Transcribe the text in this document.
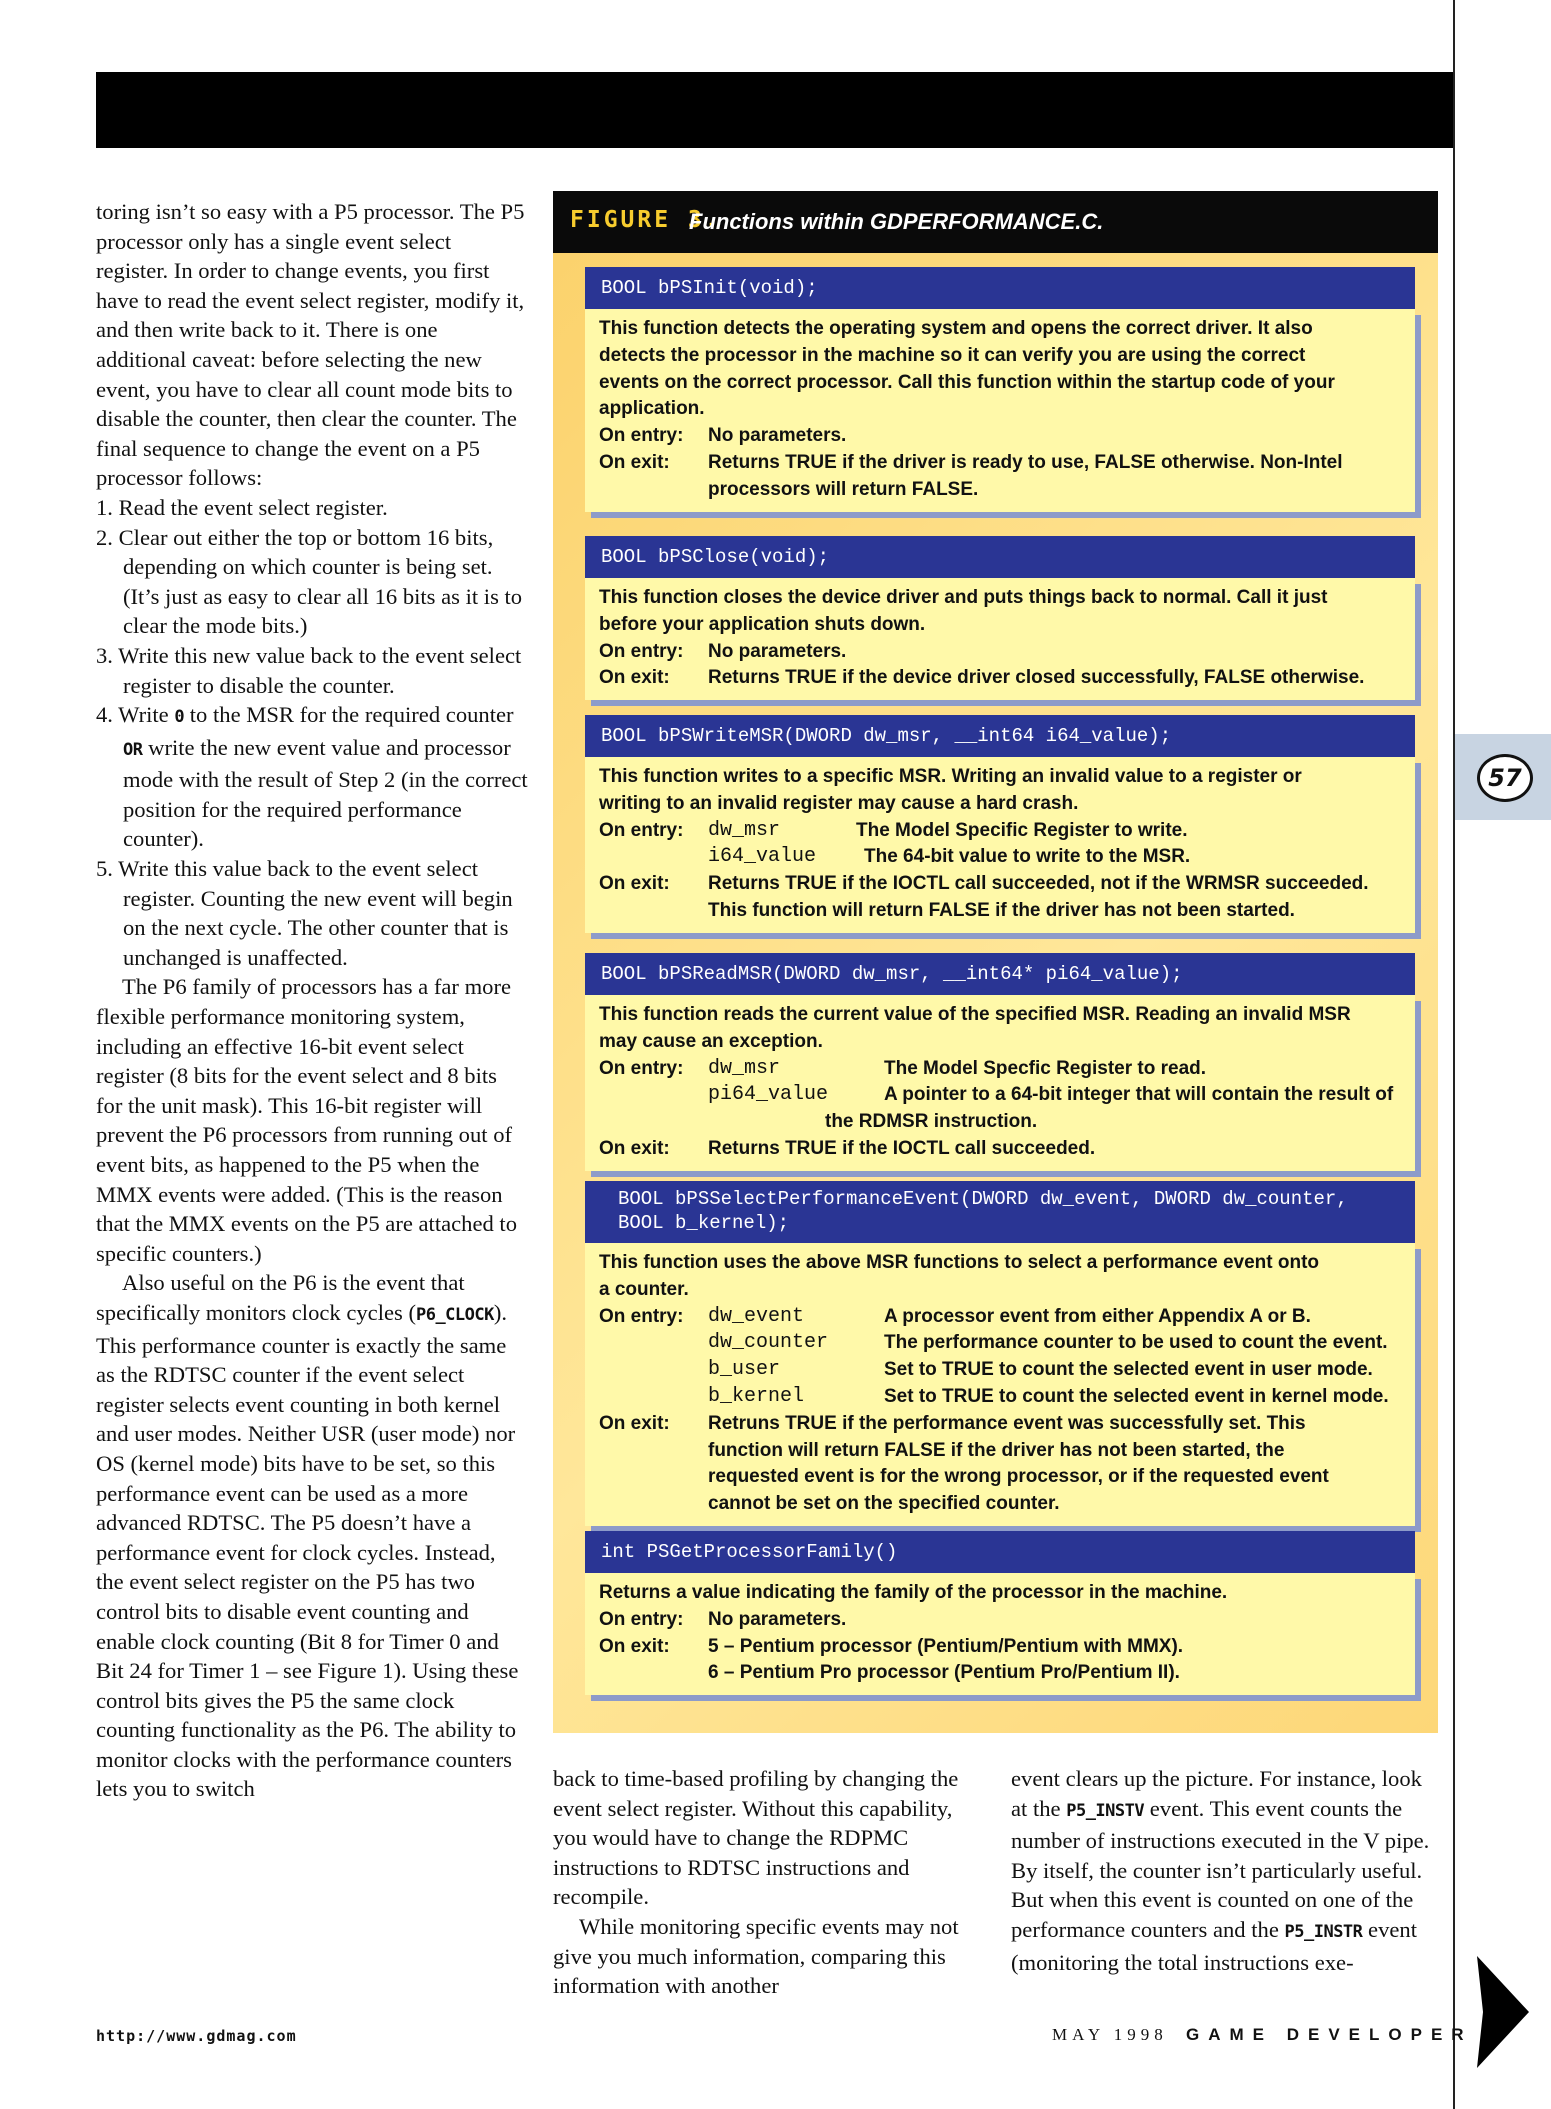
57

toring isn’t so easy with a P5 processor. The P5 processor only has a single event select register. In order to change events, you first have to read the event select register, modify it, and then write back to it. There is one additional caveat: before selecting the new event, you have to clear all count mode bits to disable the counter, then clear the counter. The final sequence to change the event on a P5 processor follows:

1. Read the event select register.

2. Clear out either the top or bottom 16 bits, depending on which counter is being set. (It’s just as easy to clear all 16 bits as it is to clear the mode bits.)

3. Write this new value back to the event select register to disable the counter.

4. Write 0 to the MSR for the required counter

OR write the new event value and processor mode with the result of Step 2 (in the correct position for the required performance counter).

5. Write this value back to the event select register. Counting the new event will begin on the next cycle. The other counter that is unchanged is unaffected.

The P6 family of processors has a far more flexible performance monitoring system, including an effective 16-bit event select register (8 bits for the event select and 8 bits for the unit mask). This 16-bit register will prevent the P6 processors from running out of event bits, as happened to the P5 when the MMX events were added. (This is the reason that the MMX events on the P5 are attached to specific counters.)

Also useful on the P6 is the event that specifically monitors clock cycles (P6_CLOCK). This performance counter is exactly the same as the RDTSC counter if the event select register selects event counting in both kernel and user modes. Neither USR (user mode) nor OS (kernel mode) bits have to be set, so this performance event can be used as a more advanced RDTSC. The P5 doesn’t have a performance event for clock cycles. Instead, the event select register on the P5 has two control bits to disable event counting and enable clock counting (Bit 8 for Timer 0 and Bit 24 for Timer 1 – see Figure 1). Using these control bits gives the P5 the same clock counting functionality as the P6. The ability to monitor clocks with the performance counters lets you to switch

FIGURE 3.
Functions within GDPERFORMANCE.C.
BOOL bPSInit(void);

This function detects the operating system and opens the correct driver. It also

detects the processor in the machine so it can verify you are using the correct

events on the correct processor. Call this function within the startup code of your

application.

On entry: No parameters.
On exit: Returns TRUE if the driver is ready to use, FALSE otherwise. Non-Intel
processors will return FALSE.
BOOL bPSClose(void);

This function closes the device driver and puts things back to normal. Call it just

before your application shuts down.

On entry: No parameters.
On exit: Returns TRUE if the device driver closed successfully, FALSE otherwise.
BOOL bPSWriteMSR(DWORD dw_msr, __int64 i64_value);

This function writes to a specific MSR. Writing an invalid value to a register or

writing to an invalid register may cause a hard crash.

On entry: dw_msr	The Model Specific Register to write.
i64_value	The 64-bit value to write to the MSR.
On exit: Returns TRUE if the IOCTL call succeeded, not if the WRMSR succeeded.
This function will return FALSE if the driver has not been started.
BOOL bPSReadMSR(DWORD dw_msr, __int64* pi64_value);

This function reads the current value of the specified MSR. Reading an invalid MSR

may cause an exception.

On entry: dw_msr	The Model Specfic Register to read.
pi64_value	A pointer to a 64-bit integer that will contain the result of
the RDMSR instruction.
On exit: Returns TRUE if the IOCTL call succeeded.
BOOL bPSSelectPerformanceEvent(DWORD dw_event, DWORD dw_counter,
BOOL b_kernel);

This function uses the above MSR functions to select a performance event onto

a counter.

On entry: dw_event	A processor event from either Appendix A or B.
dw_counter	The performance counter to be used to count the event.
b_user	Set to TRUE to count the selected event in user mode.
b_kernel	Set to TRUE to count the selected event in kernel mode.
On exit: Retruns TRUE if the performance event was successfully set. This
function will return FALSE if the driver has not been started, the
requested event is for the wrong processor, or if the requested event
cannot be set on the specified counter.
int PSGetProcessorFamily()

Returns a value indicating the family of the processor in the machine.

On entry: No parameters.
On exit: 5 – Pentium processor (Pentium/Pentium with MMX).
6 – Pentium Pro processor (Pentium Pro/Pentium II).

back to time-based profiling by changing the event select register. Without this capability, you would have to change the RDPMC instructions to RDTSC instructions and recompile.

While monitoring specific events may not give you much information, comparing this information with another

event clears up the picture. For instance, look at the P5_INSTV event. This event counts the number of instructions executed in the V pipe. By itself, the counter isn’t particularly useful. But when this event is counted on one of the performance counters and the P5_INSTR event (monitoring the total instructions exe-

http://www.gdmag.com	MAY 1998 GAME DEVELOPER
